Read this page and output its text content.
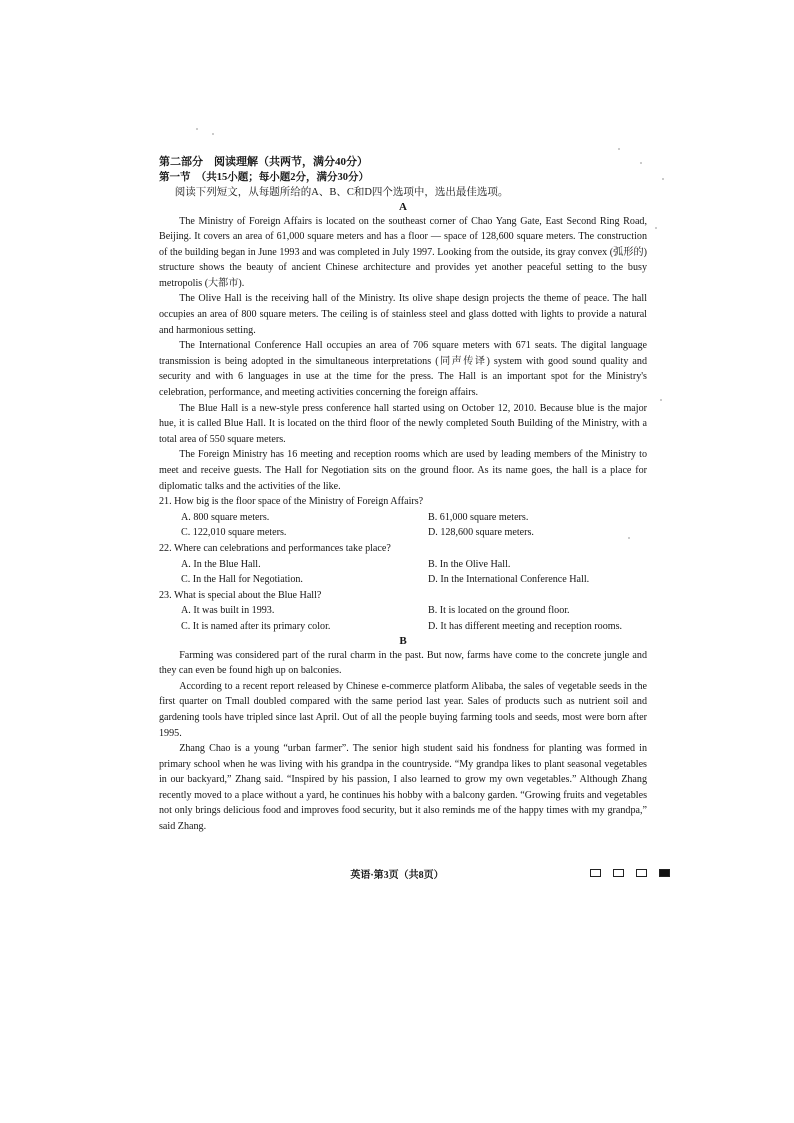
第二部分　阅读理解（共两节，满分40分）
第一节　（共15小题；每小题2分，满分30分）
阅读下列短文，从每题所给的A、B、C和D四个选项中，选出最佳选项。
A

The Ministry of Foreign Affairs is located on the southeast corner of Chao Yang Gate, East Second Ring Road, Beijing. It covers an area of 61,000 square meters and has a floor — space of 128,600 square meters. The construction of the building began in June 1993 and was completed in July 1997. Looking from the outside, its gray convex (弧形的) structure shows the beauty of ancient Chinese architecture and provides yet another peaceful setting to the busy metropolis (大都市).

The Olive Hall is the receiving hall of the Ministry. Its olive shape design projects the theme of peace. The hall occupies an area of 800 square meters. The ceiling is of stainless steel and glass dotted with lights to provide a natural and harmonious setting.

The International Conference Hall occupies an area of 706 square meters with 671 seats. The digital language transmission is being adopted in the simultaneous interpretations (同声传译) system with good sound quality and security and with 6 languages in use at the time for the press. The Hall is an important spot for the Ministry's celebration, performance, and meeting activities concerning the foreign affairs.

The Blue Hall is a new-style press conference hall started using on October 12, 2010. Because blue is the major hue, it is called Blue Hall. It is located on the third floor of the newly completed South Building of the Ministry, with a total area of 550 square meters.

The Foreign Ministry has 16 meeting and reception rooms which are used by leading members of the Ministry to meet and receive guests. The Hall for Negotiation sits on the ground floor. As its name goes, the hall is a place for diplomatic talks and the activities of the like.

21. How big is the floor space of the Ministry of Foreign Affairs?

A. 800 square meters.	B. 61,000 square meters.
C. 122,010 square meters.	D. 128,600 square meters.

22. Where can celebrations and performances take place?

A. In the Blue Hall.	B. In the Olive Hall.
C. In the Hall for Negotiation.	D. In the International Conference Hall.

23. What is special about the Blue Hall?

A. It was built in 1993.	B. It is located on the ground floor.
C. It is named after its primary color.	D. It has different meeting and reception rooms.
B

Farming was considered part of the rural charm in the past. But now, farms have come to the concrete jungle and they can even be found high up on balconies.

According to a recent report released by Chinese e-commerce platform Alibaba, the sales of vegetable seeds in the first quarter on Tmall doubled compared with the same period last year. Sales of products such as nutrient soil and gardening tools have tripled since last April. Out of all the people buying farming tools and seeds, most were born after 1995.

Zhang Chao is a young “urban farmer”. The senior high student said his fondness for planting was formed in primary school when he was living with his grandpa in the countryside. “My grandpa likes to plant seasonal vegetables in our backyard,” Zhang said. “Inspired by his passion, I also learned to grow my own vegetables.” Although Zhang recently moved to a place without a yard, he continues his hobby with a balcony garden. “Growing fruits and vegetables not only brings delicious food and improves food security, but it also reminds me of the happy times with my grandpa,” said Zhang.

英语·第3页（共8页）
